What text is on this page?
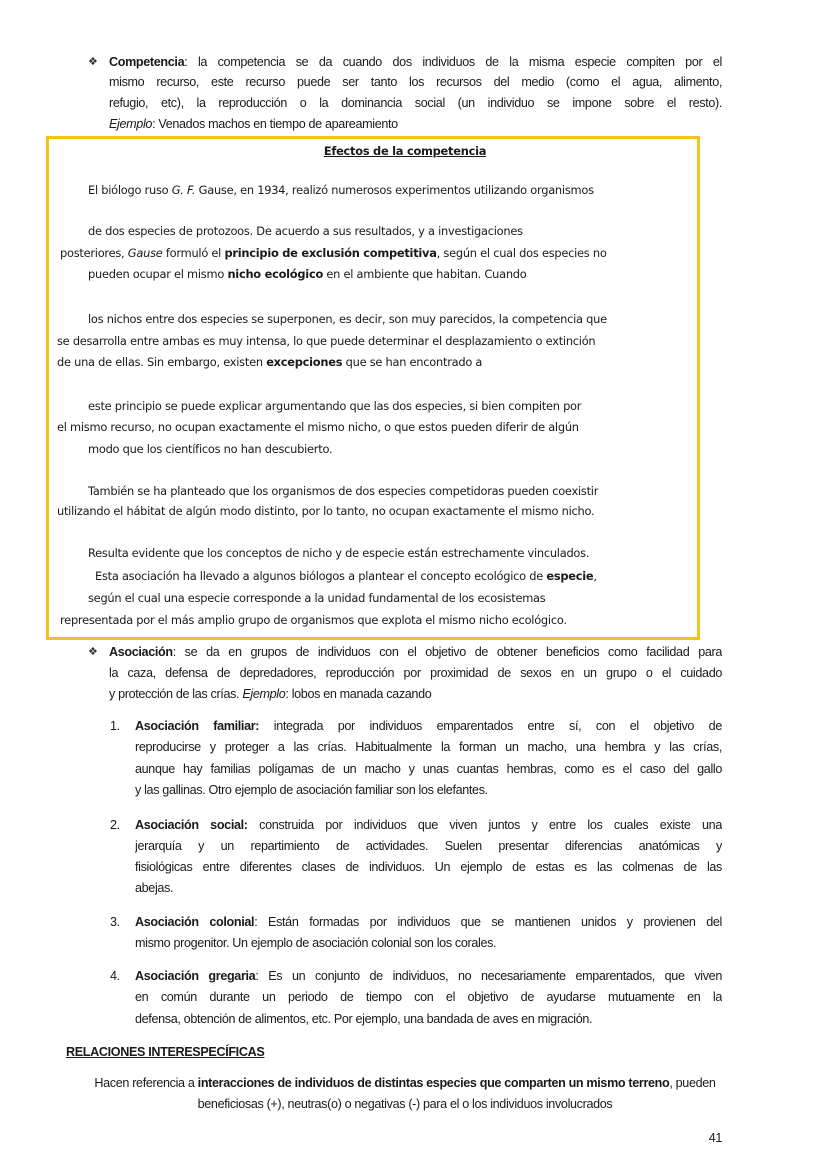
❖
Efectos de la competencia
❖
RELACIONES INTERESPECÍFICAS
41
Competencia: la competencia se da cuando dos individuos de la misma especie compiten por el
mismo recurso, este recurso puede ser tanto los recursos del medio (como el agua, alimento,
refugio, etc), la reproducción o la dominancia social (un individuo se impone sobre el resto).
Ejemplo: Venados machos en tiempo de apareamiento
El biólogo ruso G. F. Gause, en 1934, realizó numerosos experimentos utilizando organismos
de dos especies de protozoos. De acuerdo a sus resultados, y a investigaciones
posteriores, Gause formuló el principio de exclusión competitiva, según el cual dos especies no
pueden ocupar el mismo nicho ecológico en el ambiente que habitan. Cuando
los nichos entre dos especies se superponen, es decir, son muy parecidos, la competencia que
se desarrolla entre ambas es muy intensa, lo que puede determinar el desplazamiento o extinción
de una de ellas. Sin embargo, existen excepciones que se han encontrado a
este principio se puede explicar argumentando que las dos especies, si bien compiten por
el mismo recurso, no ocupan exactamente el mismo nicho, o que estos pueden diferir de algún
modo que los científicos no han descubierto.
También se ha planteado que los organismos de dos especies competidoras pueden coexistir
utilizando el hábitat de algún modo distinto, por lo tanto, no ocupan exactamente el mismo nicho.
Resulta evidente que los conceptos de nicho y de especie están estrechamente vinculados.
Esta asociación ha llevado a algunos biólogos a plantear el concepto ecológico de especie,
según el cual una especie corresponde a la unidad fundamental de los ecosistemas
representada por el más amplio grupo de organismos que explota el mismo nicho ecológico.
Asociación: se da en grupos de individuos con el objetivo de obtener beneficios como facilidad para
la caza, defensa de depredadores, reproducción por proximidad de sexos en un grupo o el cuidado
y protección de las crías. Ejemplo: lobos en manada cazando
1. Asociación familiar: integrada por individuos emparentados entre sí, con el objetivo de
reproducirse y proteger a las crías. Habitualmente la forman un macho, una hembra y las crías,
aunque hay familias polígamas de un macho y unas cuantas hembras, como es el caso del gallo
y las gallinas. Otro ejemplo de asociación familiar son los elefantes.
2. Asociación social: construida por individuos que viven juntos y entre los cuales existe una
jerarquía y un repartimiento de actividades. Suelen presentar diferencias anatómicas y
fisiológicas entre diferentes clases de individuos. Un ejemplo de estas es las colmenas de las
abejas.
3. Asociación colonial: Están formadas por individuos que se mantienen unidos y provienen del
mismo progenitor. Un ejemplo de asociación colonial son los corales.
4. Asociación gregaria: Es un conjunto de individuos, no necesariamente emparentados, que viven
en común durante un periodo de tiempo con el objetivo de ayudarse mutuamente en la
defensa, obtención de alimentos, etc. Por ejemplo, una bandada de aves en migración.
Hacen referencia a interacciones de individuos de distintas especies que comparten un mismo terreno, pueden
beneficiosas (+), neutras(o) o negativas (-) para el o los individuos involucrados
